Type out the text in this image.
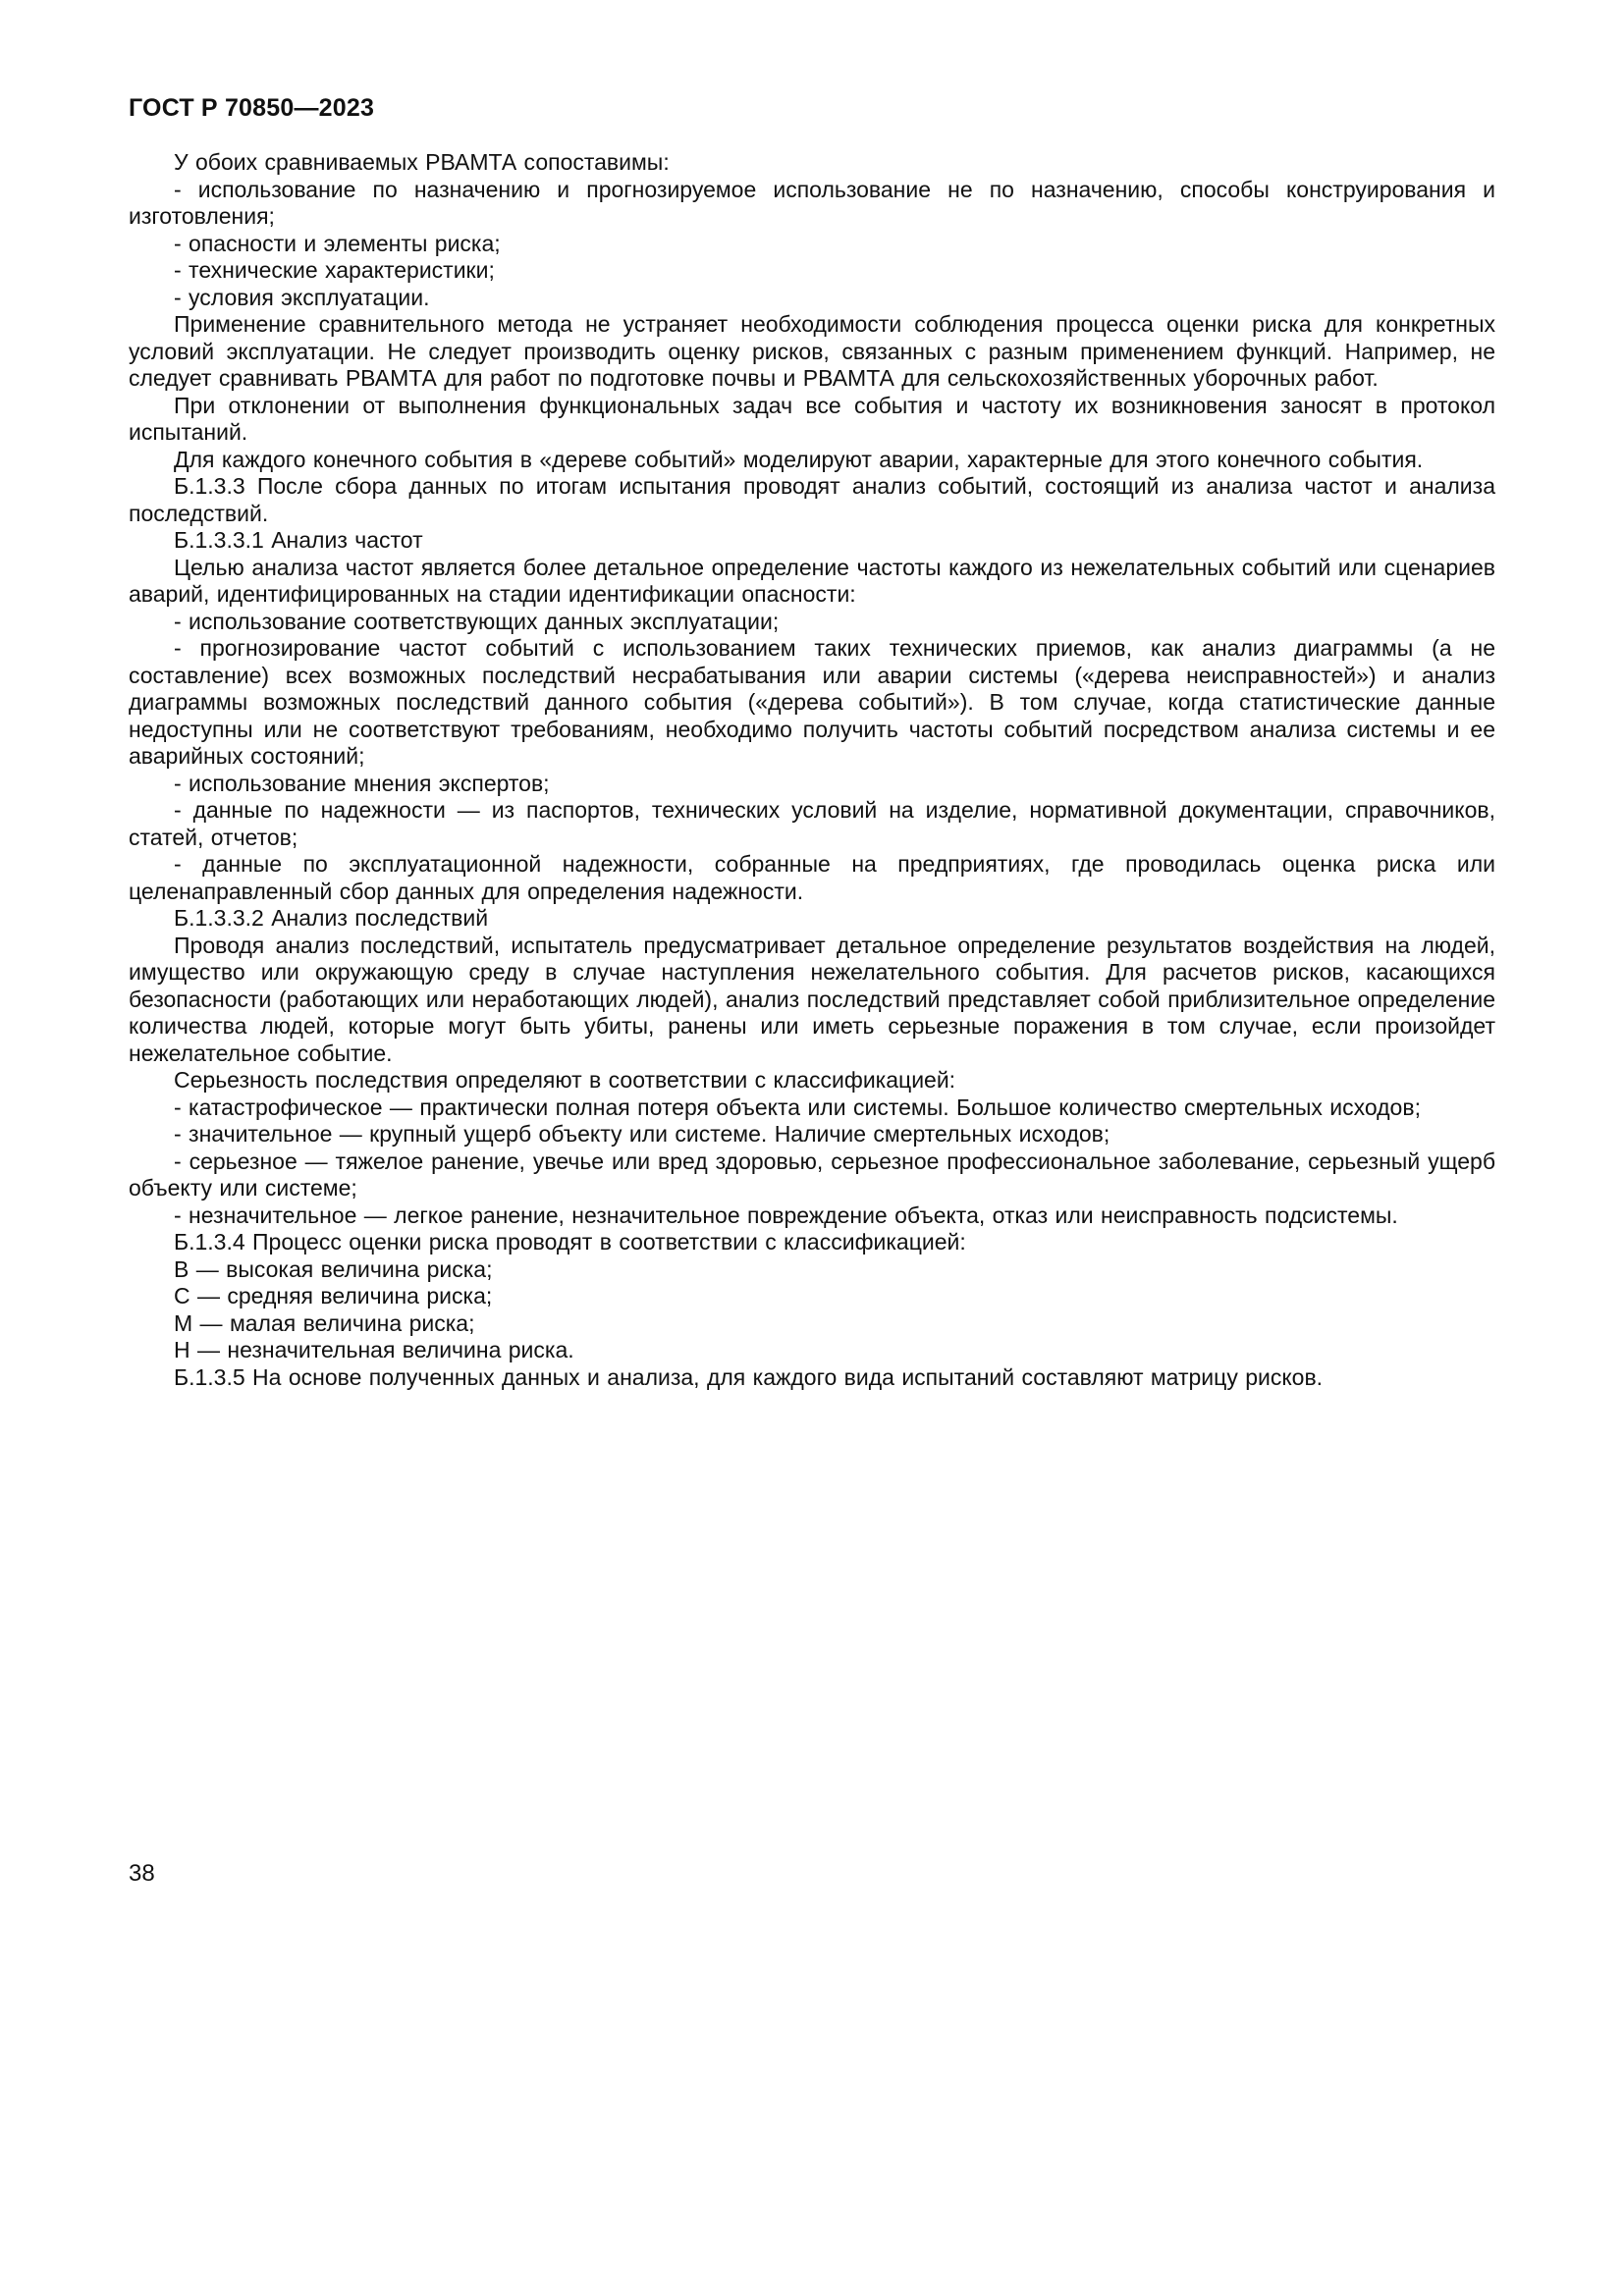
ГОСТ Р 70850—2023

У обоих сравниваемых РВАМТА сопоставимы:

- использование по назначению и прогнозируемое использование не по назначению, способы конструирования и изготовления;

- опасности и элементы риска;

- технические характеристики;

- условия эксплуатации.

Применение сравнительного метода не устраняет необходимости соблюдения процесса оценки риска для конкретных условий эксплуатации. Не следует производить оценку рисков, связанных с разным применением функций. Например, не следует сравнивать РВАМТА для работ по подготовке почвы и РВАМТА для сельскохозяйственных уборочных работ.

При отклонении от выполнения функциональных задач все события и частоту их возникновения заносят в протокол испытаний.

Для каждого конечного события в «дереве событий» моделируют аварии, характерные для этого конечного события.

Б.1.3.3 После сбора данных по итогам испытания проводят анализ событий, состоящий из анализа частот и анализа последствий.

Б.1.3.3.1 Анализ частот

Целью анализа частот является более детальное определение частоты каждого из нежелательных событий или сценариев аварий, идентифицированных на стадии идентификации опасности:

- использование соответствующих данных эксплуатации;

- прогнозирование частот событий с использованием таких технических приемов, как анализ диаграммы (а не составление) всех возможных последствий несрабатывания или аварии системы («дерева неисправностей») и анализ диаграммы возможных последствий данного события («дерева событий»). В том случае, когда статистические данные недоступны или не соответствуют требованиям, необходимо получить частоты событий посредством анализа системы и ее аварийных состояний;

- использование мнения экспертов;

- данные по надежности — из паспортов, технических условий на изделие, нормативной документации, справочников, статей, отчетов;

- данные по эксплуатационной надежности, собранные на предприятиях, где проводилась оценка риска или целенаправленный сбор данных для определения надежности.

Б.1.3.3.2 Анализ последствий

Проводя анализ последствий, испытатель предусматривает детальное определение результатов воздействия на людей, имущество или окружающую среду в случае наступления нежелательного события. Для расчетов рисков, касающихся безопасности (работающих или неработающих людей), анализ последствий представляет собой приблизительное определение количества людей, которые могут быть убиты, ранены или иметь серьезные поражения в том случае, если произойдет нежелательное событие.

Серьезность последствия определяют в соответствии с классификацией:

- катастрофическое — практически полная потеря объекта или системы. Большое количество смертельных исходов;

- значительное — крупный ущерб объекту или системе. Наличие смертельных исходов;

- серьезное — тяжелое ранение, увечье или вред здоровью, серьезное профессиональное заболевание, серьезный ущерб объекту или системе;

- незначительное — легкое ранение, незначительное повреждение объекта, отказ или неисправность подсистемы.

Б.1.3.4 Процесс оценки риска проводят в соответствии с классификацией:

В — высокая величина риска;

С — средняя величина риска;

М — малая величина риска;

Н — незначительная величина риска.

Б.1.3.5 На основе полученных данных и анализа, для каждого вида испытаний составляют матрицу рисков.

38
